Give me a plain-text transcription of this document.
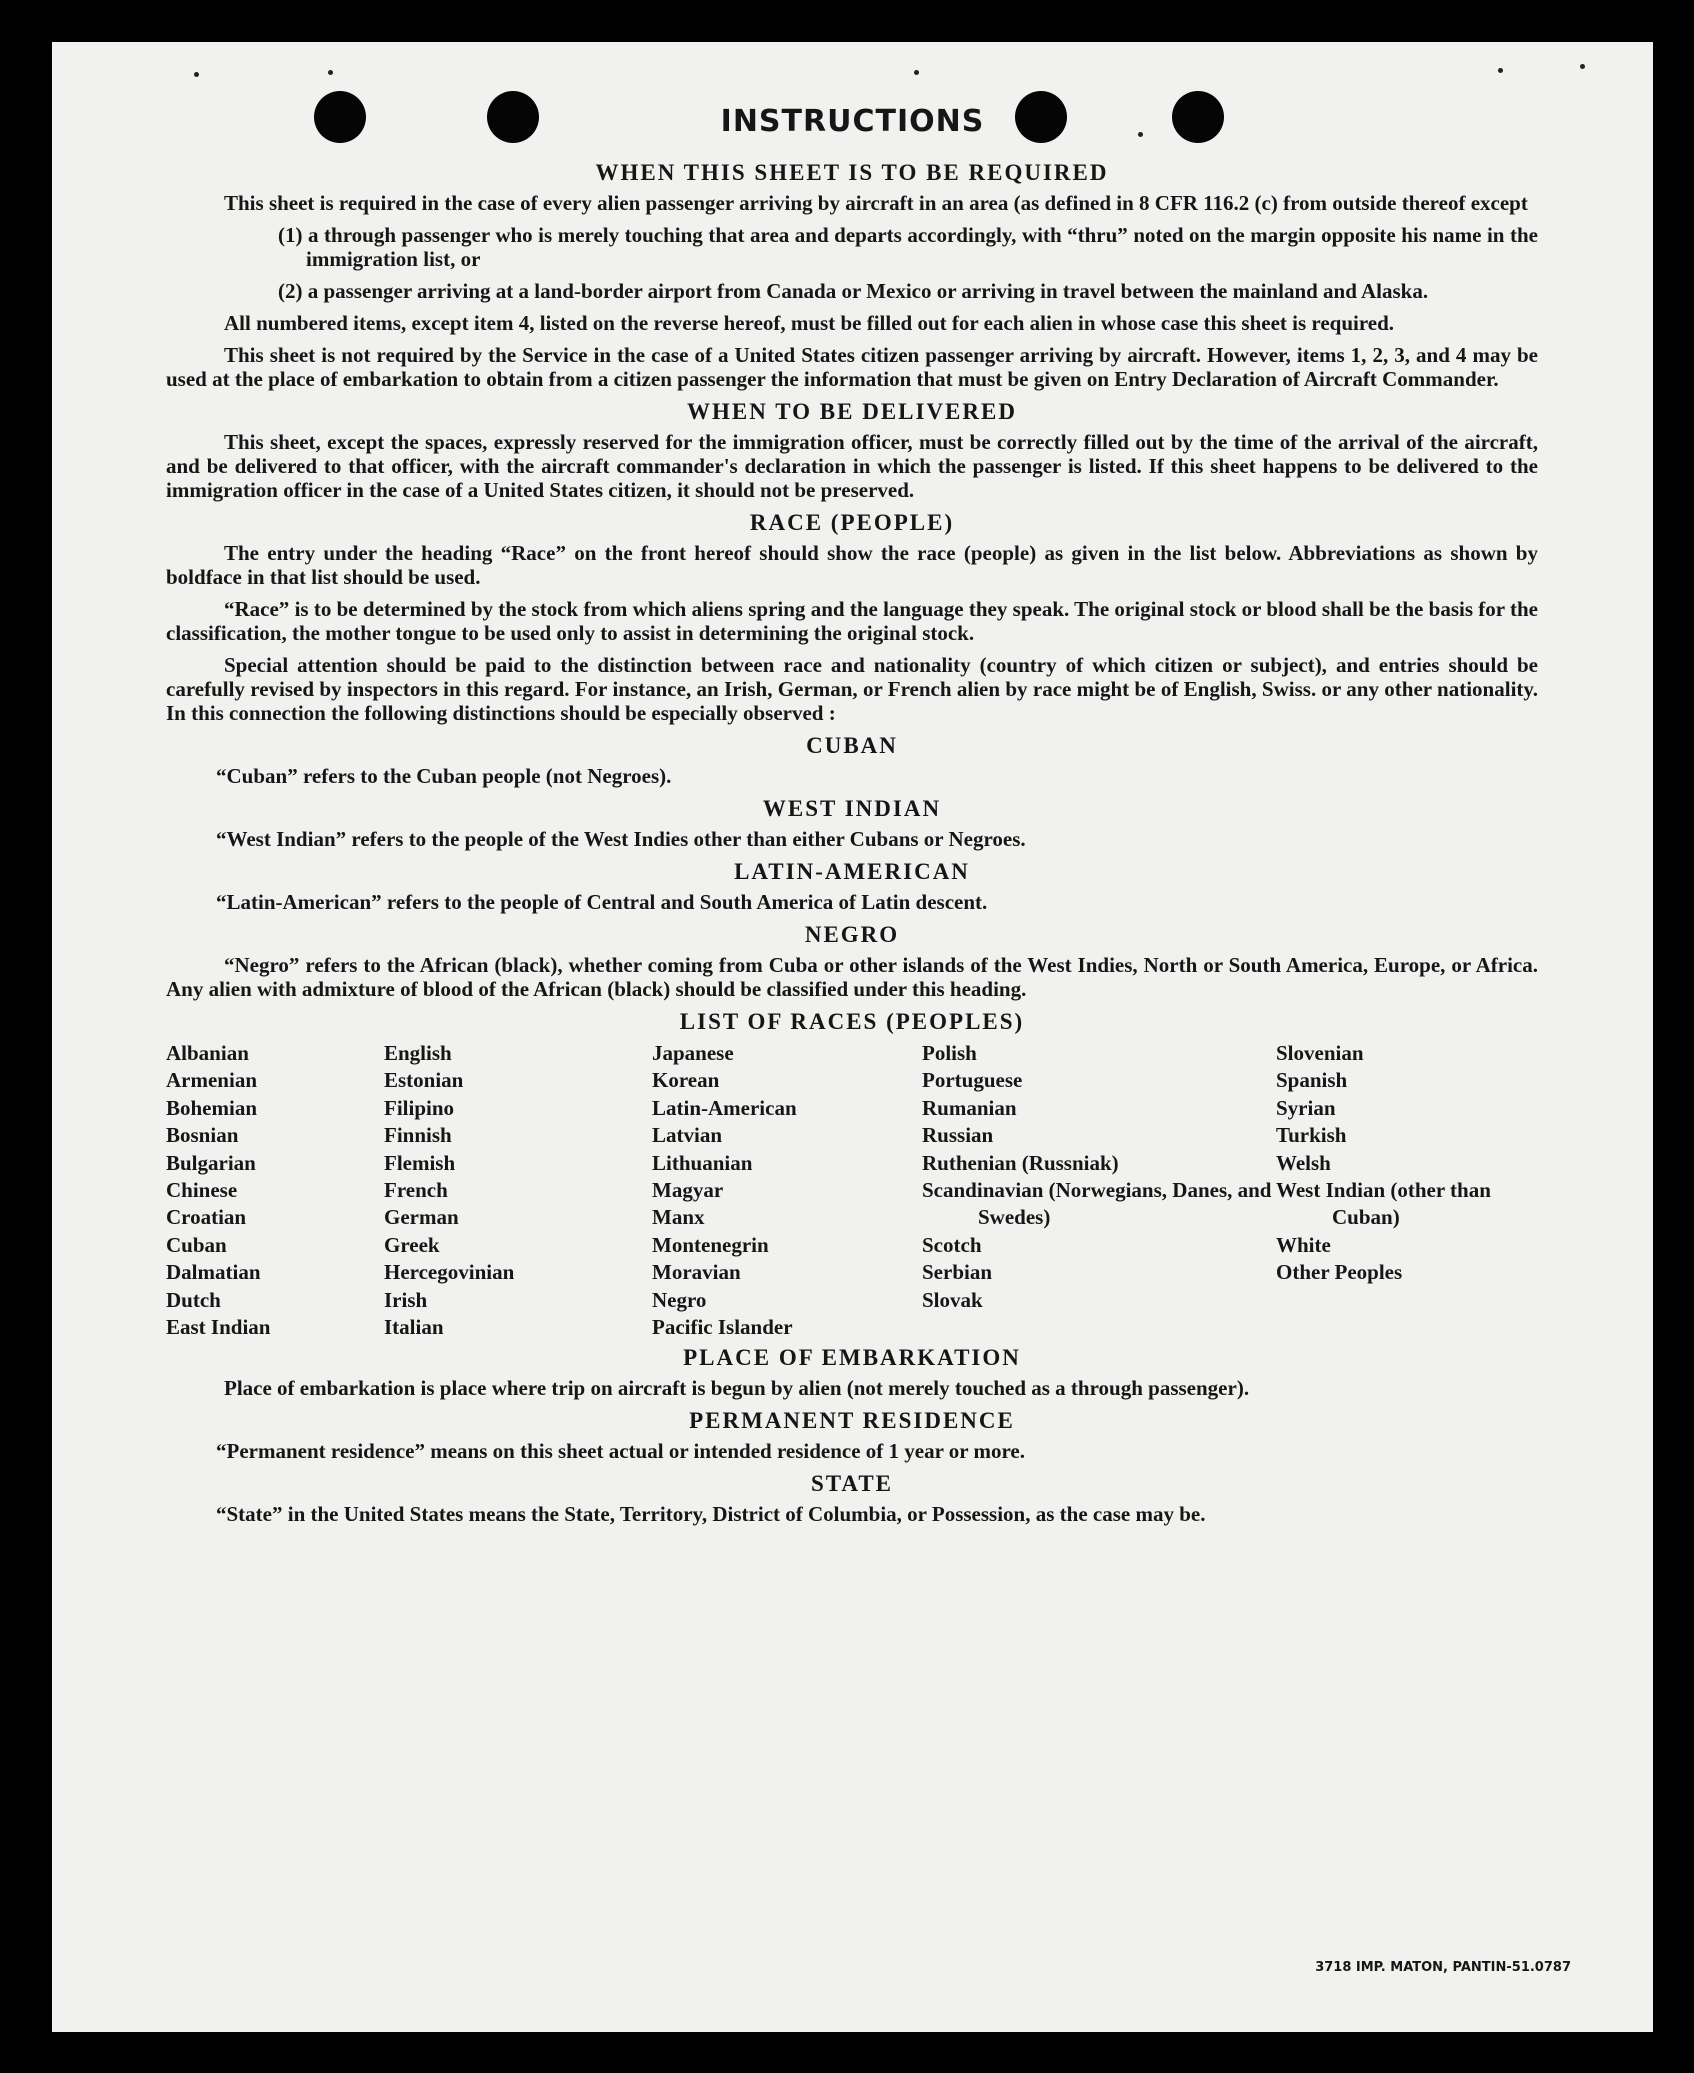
INSTRUCTIONS
WHEN THIS SHEET IS TO BE REQUIRED

This sheet is required in the case of every alien passenger arriving by aircraft in an area (as defined in 8 CFR 116.2 (c) from outside thereof except

(1) a through passenger who is merely touching that area and departs accordingly, with “thru” noted on the margin opposite his name in the immigration list, or

(2) a passenger arriving at a land-border airport from Canada or Mexico or arriving in travel between the mainland and Alaska.

All numbered items, except item 4, listed on the reverse hereof, must be filled out for each alien in whose case this sheet is required.

This sheet is not required by the Service in the case of a United States citizen passenger arriving by aircraft. However, items 1, 2, 3, and 4 may be used at the place of embarkation to obtain from a citizen passenger the information that must be given on Entry Declaration of Aircraft Commander.

WHEN TO BE DELIVERED

This sheet, except the spaces, expressly reserved for the immigration officer, must be correctly filled out by the time of the arrival of the aircraft, and be delivered to that officer, with the aircraft commander's declaration in which the passenger is listed. If this sheet happens to be delivered to the immigration officer in the case of a United States citizen, it should not be preserved.

RACE (PEOPLE)

The entry under the heading “Race” on the front hereof should show the race (people) as given in the list below. Abbreviations as shown by boldface in that list should be used.

“Race” is to be determined by the stock from which aliens spring and the language they speak. The original stock or blood shall be the basis for the classification, the mother tongue to be used only to assist in determining the original stock.

Special attention should be paid to the distinction between race and nationality (country of which citizen or subject), and entries should be carefully revised by inspectors in this regard. For instance, an Irish, German, or French alien by race might be of English, Swiss. or any other nationality. In this connection the following distinctions should be especially observed :

CUBAN

“Cuban” refers to the Cuban people (not Negroes).

WEST INDIAN

“West Indian” refers to the people of the West Indies other than either Cubans or Negroes.

LATIN-AMERICAN

“Latin-American” refers to the people of Central and South America of Latin descent.

NEGRO

“Negro” refers to the African (black), whether coming from Cuba or other islands of the West Indies, North or South America, Europe, or Africa. Any alien with admixture of blood of the African (black) should be classified under this heading.

LIST OF RACES (PEOPLES)
Albanian
Armenian
Bohemian
Bosnian
Bulgarian
Chinese
Croatian
Cuban
Dalmatian
Dutch
East Indian
English
Estonian
Filipino
Finnish
Flemish
French
German
Greek
Hercegovinian
Irish
Italian
Japanese
Korean
Latin-American
Latvian
Lithuanian
Magyar
Manx
Montenegrin
Moravian
Negro
Pacific Islander
Polish
Portuguese
Rumanian
Russian
Ruthenian (Russniak)
Scandinavian (Norwegians, Danes, and Swedes)
Scotch
Serbian
Slovak
Slovenian
Spanish
Syrian
Turkish
Welsh
West Indian (other than Cuban)
White
Other Peoples
PLACE OF EMBARKATION

Place of embarkation is place where trip on aircraft is begun by alien (not merely touched as a through passenger).

PERMANENT RESIDENCE

“Permanent residence” means on this sheet actual or intended residence of 1 year or more.

STATE

“State” in the United States means the State, Territory, District of Columbia, or Possession, as the case may be.

3718 IMP. MATON, PANTIN-51.0787
